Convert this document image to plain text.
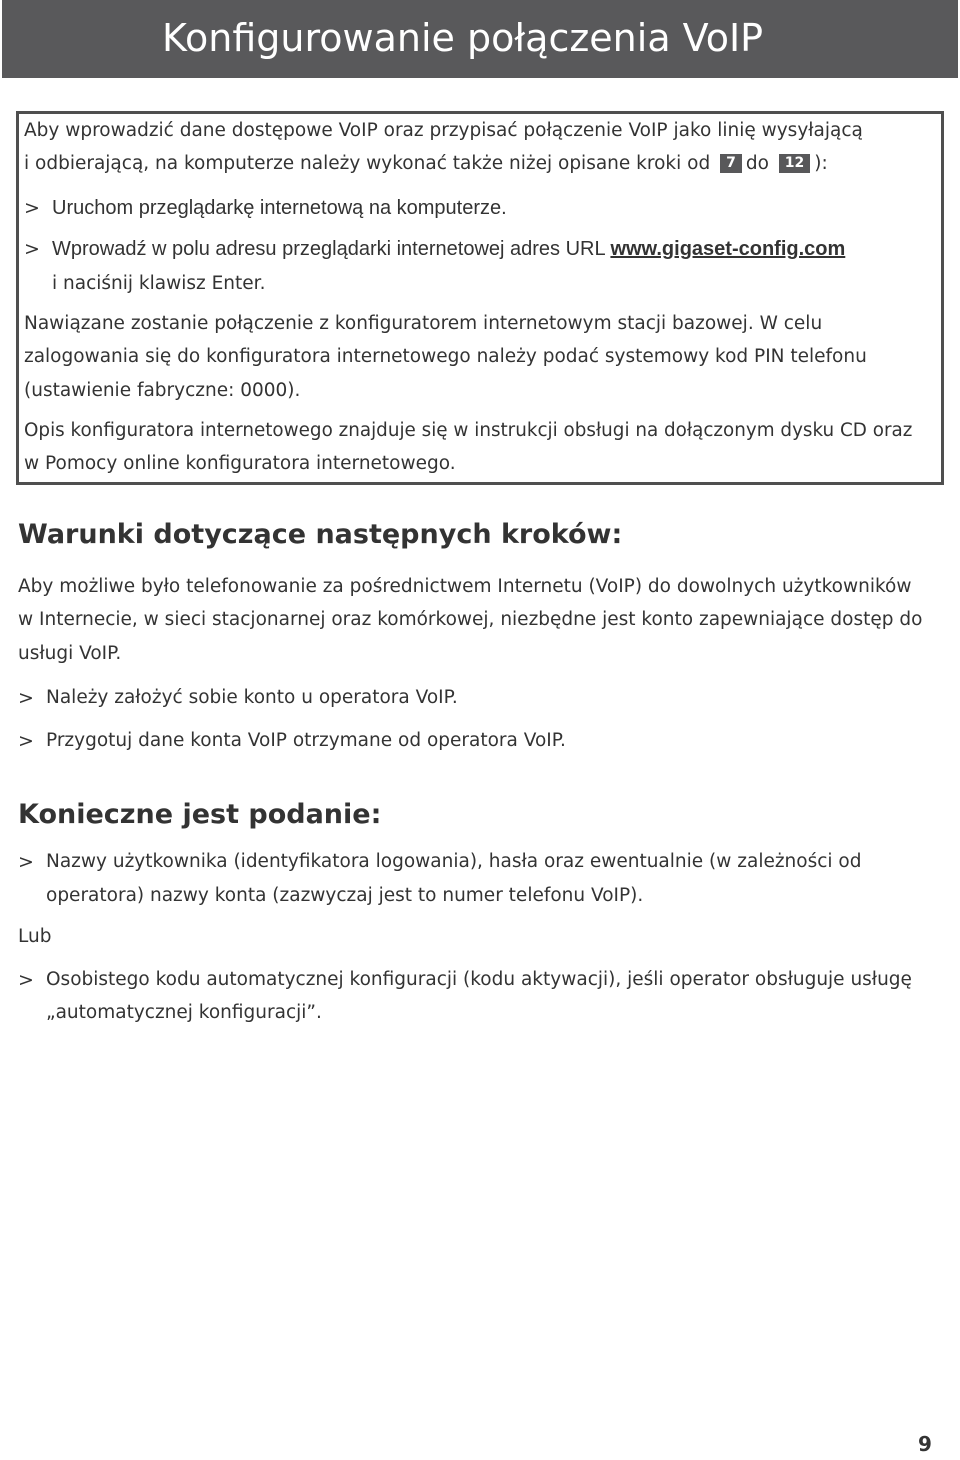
Konfigurowanie połączenia VoIP
Aby wprowadzić dane dostępowe VoIP oraz przypisać połączenie VoIP jako linię wysyłającą
i odbierającą, na komputerze należy wykonać także niżej opisane kroki od 7 do 12 ):
> Uruchom przeglądarkę internetową na komputerze.
> Wprowadź w polu adresu przeglądarki internetowej adres URL www.gigaset-config.com
i naciśnij klawisz Enter.
Nawiązane zostanie połączenie z konfiguratorem internetowym stacji bazowej. W celu
zalogowania się do konfiguratora internetowego należy podać systemowy kod PIN telefonu
(ustawienie fabryczne: 0000).
Opis konfiguratora internetowego znajduje się w instrukcji obsługi na dołączonym dysku CD oraz
w Pomocy online konfiguratora internetowego.
Warunki dotyczące następnych kroków:
Aby możliwe było telefonowanie za pośrednictwem Internetu (VoIP) do dowolnych użytkowników
w Internecie, w sieci stacjonarnej oraz komórkowej, niezbędne jest konto zapewniające dostęp do
usługi VoIP.
> Należy założyć sobie konto u operatora VoIP.
> Przygotuj dane konta VoIP otrzymane od operatora VoIP.
Konieczne jest podanie:
> Nazwy użytkownika (identyfikatora logowania), hasła oraz ewentualnie (w zależności od
operatora) nazwy konta (zazwyczaj jest to numer telefonu VoIP).
Lub
> Osobistego kodu automatycznej konfiguracji (kodu aktywacji), jeśli operator obsługuje usługę
„automatycznej konfiguracji”.
9
